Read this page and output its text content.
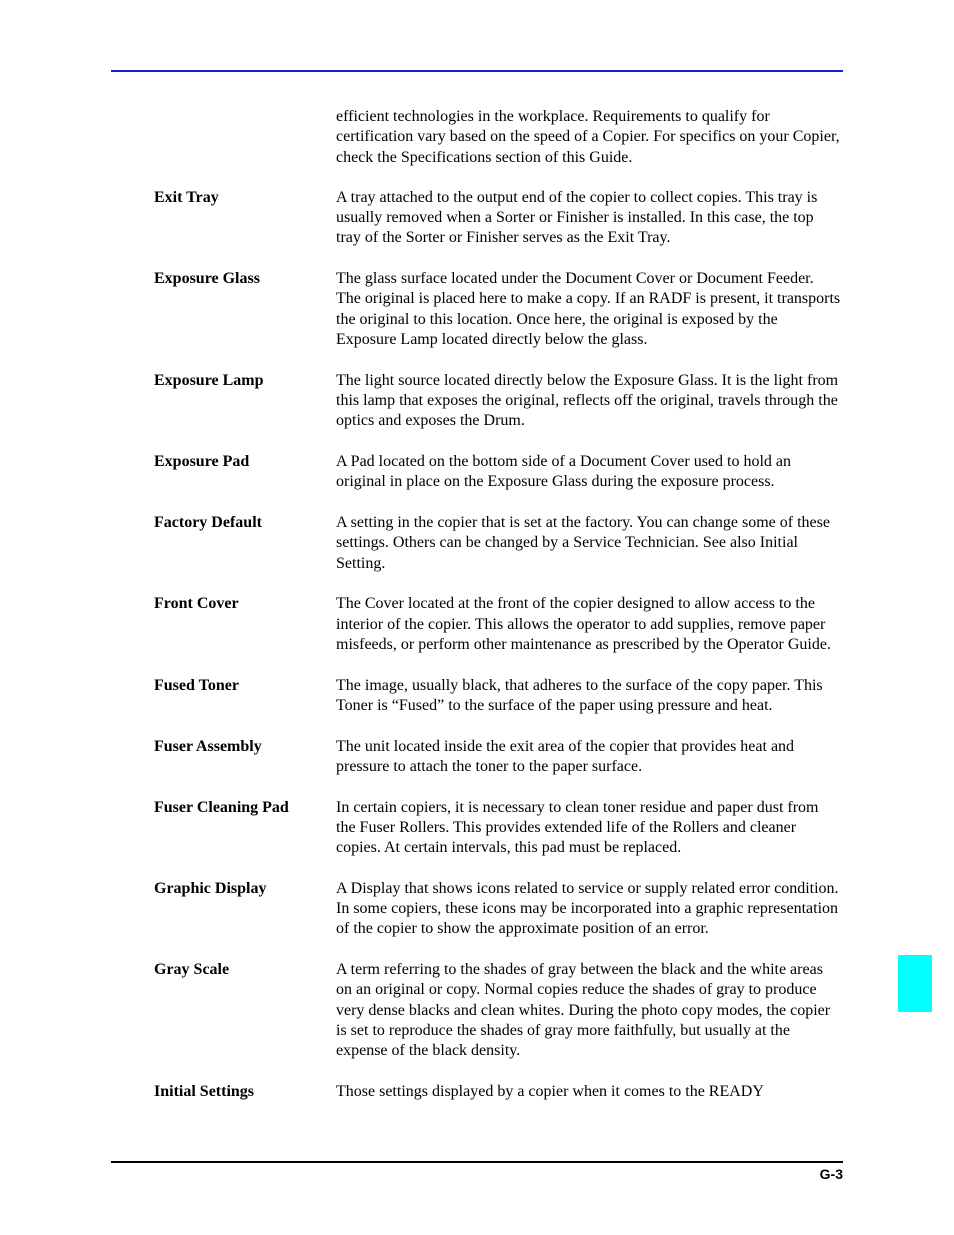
efficient technologies in the workplace. Requirements to qualify for certification vary based on the speed of a Copier. For specifics on your Copier, check the Specifications section of this Guide.
Exit Tray	A tray attached to the output end of the copier to collect copies. This tray is usually removed when a Sorter or Finisher is installed. In this case, the top tray of the Sorter or Finisher serves as the Exit Tray.
Exposure Glass	The glass surface located under the Document Cover or Document Feeder. The original is placed here to make a copy. If an RADF is present, it transports the original to this location. Once here, the original is exposed by the Exposure Lamp located directly below the glass.
Exposure Lamp	The light source located directly below the Exposure Glass. It is the light from this lamp that exposes the original, reflects off the original, travels through the optics and exposes the Drum.
Exposure Pad	A Pad located on the bottom side of a Document Cover used to hold an original in place on the Exposure Glass during the exposure process.
Factory Default	A setting in the copier that is set at the factory. You can change some of these settings. Others can be changed by a Service Technician. See also Initial Setting.
Front Cover	The Cover located at the front of the copier designed to allow access to the interior of the copier. This allows the operator to add supplies, remove paper misfeeds, or perform other maintenance as prescribed by the Operator Guide.
Fused Toner	The image, usually black, that adheres to the surface of the copy paper. This Toner is “Fused” to the surface of the paper using pressure and heat.
Fuser Assembly	The unit located inside the exit area of the copier that provides heat and pressure to attach the toner to the paper surface.
Fuser Cleaning Pad	In certain copiers, it is necessary to clean toner residue and paper dust from the Fuser Rollers. This provides extended life of the Rollers and cleaner copies. At certain intervals, this pad must be replaced.
Graphic Display	A Display that shows icons related to service or supply related error condition. In some copiers, these icons may be incorporated into a graphic representation of the copier to show the approximate position of an error.
Gray Scale	A term referring to the shades of gray between the black and the white areas on an original or copy. Normal copies reduce the shades of gray to produce very dense blacks and clean whites. During the photo copy modes, the copier is set to reproduce the shades of gray more faithfully, but usually at the expense of the black density.
Initial Settings	Those settings displayed by a copier when it comes to the READY
G-3
